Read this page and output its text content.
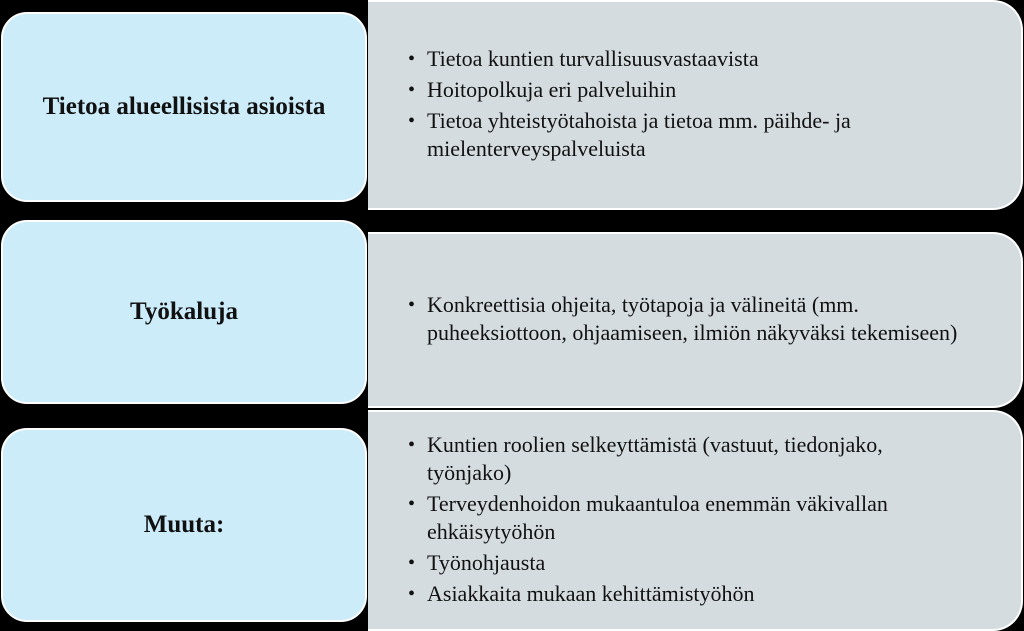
Tietoa alueellisista asioista
• Tietoa kuntien turvallisuusvastaavista
• Hoitopolkuja eri palveluihin
• Tietoa yhteistyötahoista ja tietoa mm. päihde- ja mielenterveyspalveluista
Työkaluja	• Konkreettisia ohjeita, työtapoja ja välineitä (mm. puheeksiottoon, ohjaamiseen, ilmiön näkyväksi tekemiseen)
Muuta:
• Kuntien roolien selkeyttämistä (vastuut, tiedonjako, työnjako)
• Terveydenhoidon mukaantuloa enemmän väkivallan ehkäisytyöhön
• Työnohjausta
• Asiakkaita mukaan kehittämistyöhön
